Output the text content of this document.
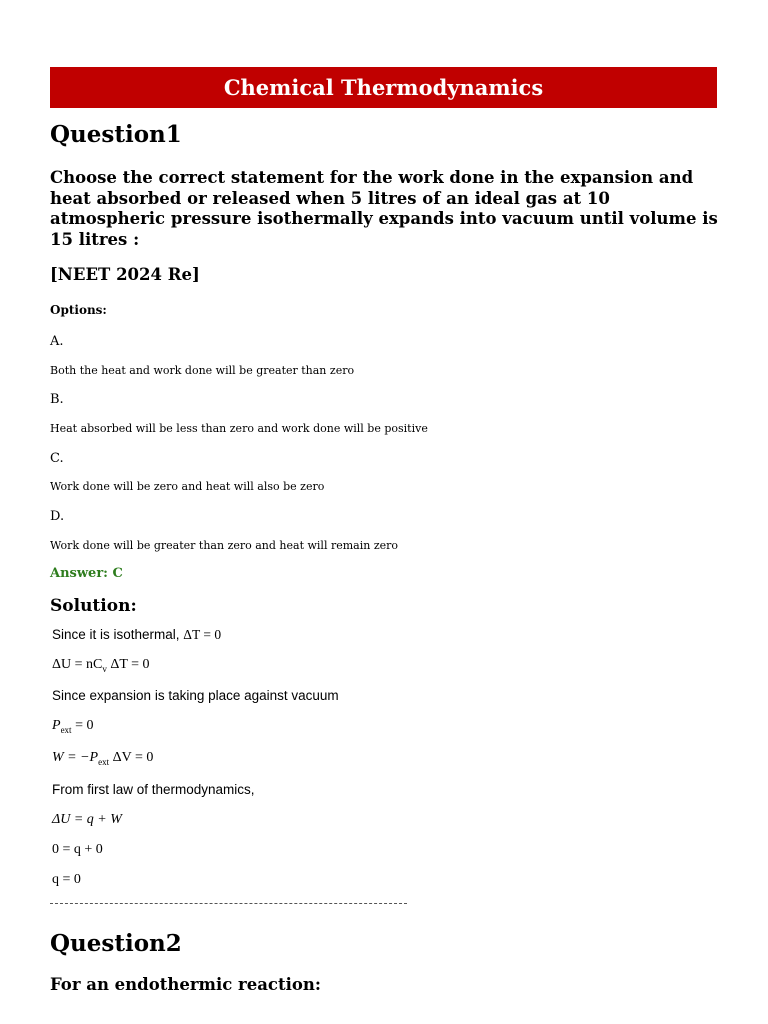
Chemical Thermodynamics
Question1
Choose the correct statement for the work done in the expansion and heat absorbed or released when 5 litres of an ideal gas at 10 atmospheric pressure isothermally expands into vacuum until volume is 15 litres :
[NEET 2024 Re]
Options:
A.
Both the heat and work done will be greater than zero
B.
Heat absorbed will be less than zero and work done will be positive
C.
Work done will be zero and heat will also be zero
D.
Work done will be greater than zero and heat will remain zero
Answer: C
Solution:
Since it is isothermal, ΔT = 0
$\Delta U = nC_v$ ΔT = 0
Since expansion is taking place against vacuum
$P_{ext} = 0$
$W = -P_{ext}$ ΔV = 0
From first law of thermodynamics,
ΔU = q + W
0 = q + 0
q = 0
Question2
For an endothermic reaction:
